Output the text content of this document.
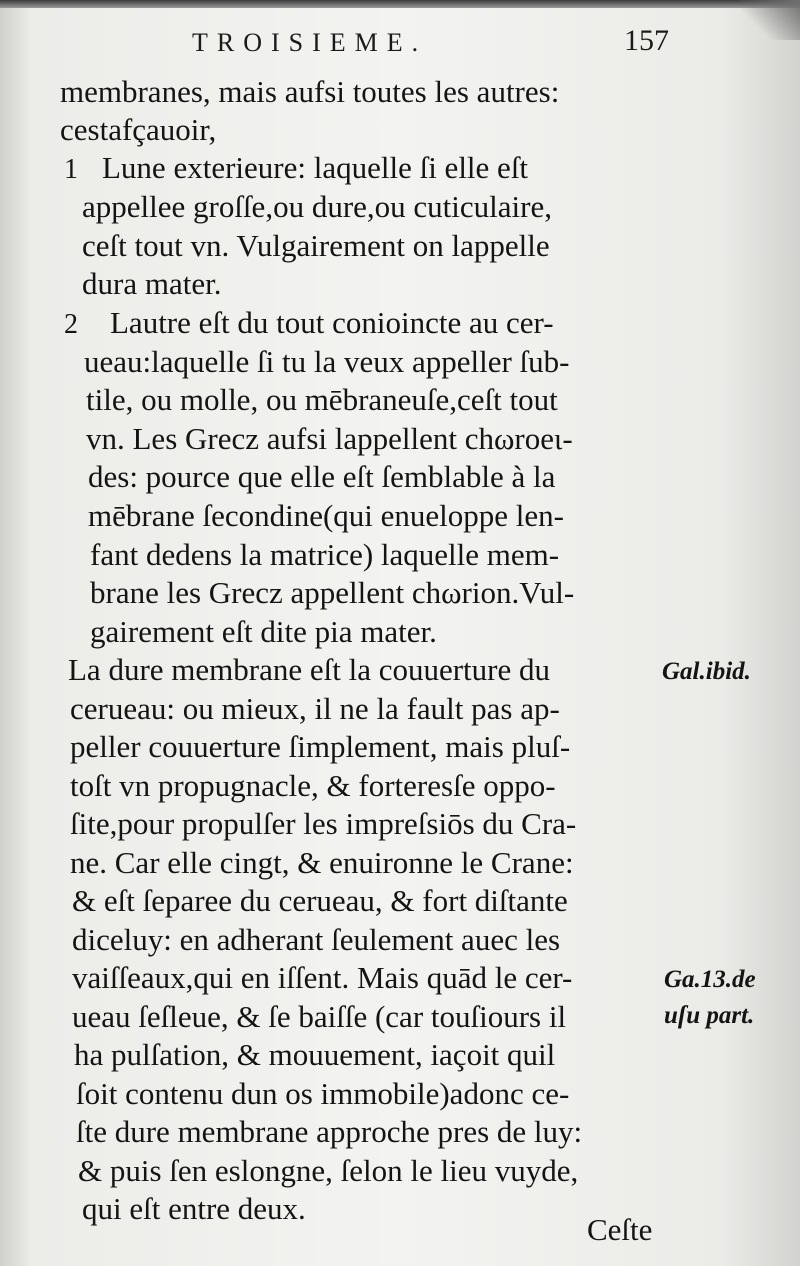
TROISIEME.	157

membranes, mais aufsi toutes les autres:
cestafçauoir,
Lune exterieure: laquelle ſi elle eſt
appellee groſſe,ou dure,ou cuticulaire,
ceſt tout vn. Vulgairement on lappelle
dura mater.
Lautre eſt du tout conioincte au cer-
ueau:laquelle ſi tu la veux appeller ſub-
tile, ou molle, ou mēbraneuſe,ceſt tout
vn. Les Grecz aufsi lappellent chωroeι-
des: pource que elle eſt ſemblable à la
mēbrane ſecondine(qui enueloppe len-
fant dedens la matrice) laquelle mem-
brane les Grecz appellent chωrion.Vul-
gairement eſt dite pia mater.
La dure membrane eſt la couuerture du
cerueau: ou mieux, il ne la fault pas ap-
peller couuerture ſimplement, mais pluſ-
toſt vn propugnacle, & forteresſe oppo-
ſite,pour propulſer les impreſsiōs du Cra-
ne. Car elle cingt, & enuironne le Crane:
& eſt ſeparee du cerueau, & fort diſtante
diceluy: en adherant ſeulement auec les
vaiſſeaux,qui en iſſent. Mais quād le cer-
ueau ſeſleue, & ſe baiſſe (car touſiours il
ha pulſation, & mouuement, iaçoit quil
ſoit contenu dun os immobile)adonc ce-
ſte dure membrane approche pres de luy:
& puis ſen eslongne, ſelon le lieu vuyde,
qui eſt entre deux.
1
2
Gal.ibid.
Ga.13.de
uſu part.
Ceſte
